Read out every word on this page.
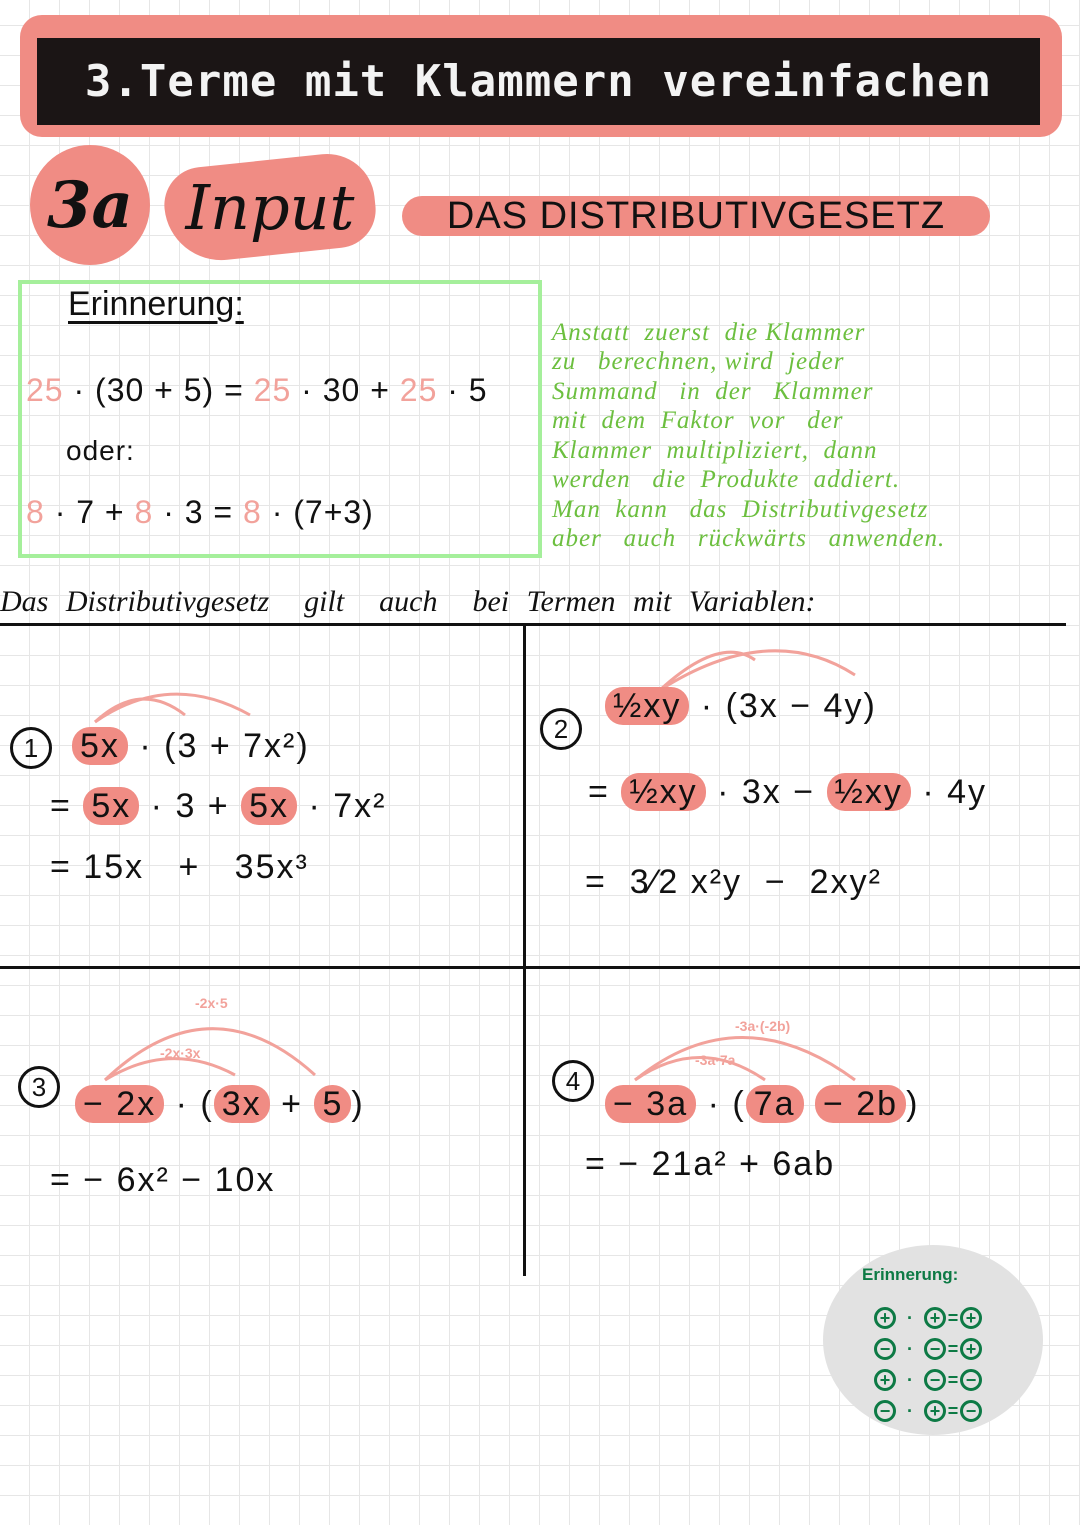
3.Terme mit Klammern vereinfachen
3a Input	DAS DISTRIBUTIVGESETZ
Erinnerung:
25 · (30 + 5) = 25 · 30 + 25 · 5
oder:
8 · 7 + 8 · 3 = 8 · (7+3)

Anstatt  zuerst  die Klammer
zu   berechnen, wird  jeder
Summand   in  der   Klammer
mit  dem  Faktor  vor   der
Klammer  multipliziert,  dann
werden   die  Produkte  addiert.
Man  kann   das  Distributivgesetz
aber   auch   rückwärts   anwenden.

Das Distributivgesetz  gilt  auch  bei Termen mit Variablen:
1	5x · (3 + 7x²)
= 5x · 3 + 5x · 7x²
= 15x   +   35x³
2
½xy · (3x − 4y)
= ½xy · 3x − ½xy · 4y
=  3⁄2 x²y  −  2xy²
-2x·5
-2x·3x
3	− 2x · ( 3x + 5 )
= − 6x² − 10x
-3a·(-2b)
-3a·7a
4
− 3a · ( 7a − 2b )
= − 21a² + 6ab
Erinnerung:
+ · + = +
− · − = +
+ · − = −
− · + = −
